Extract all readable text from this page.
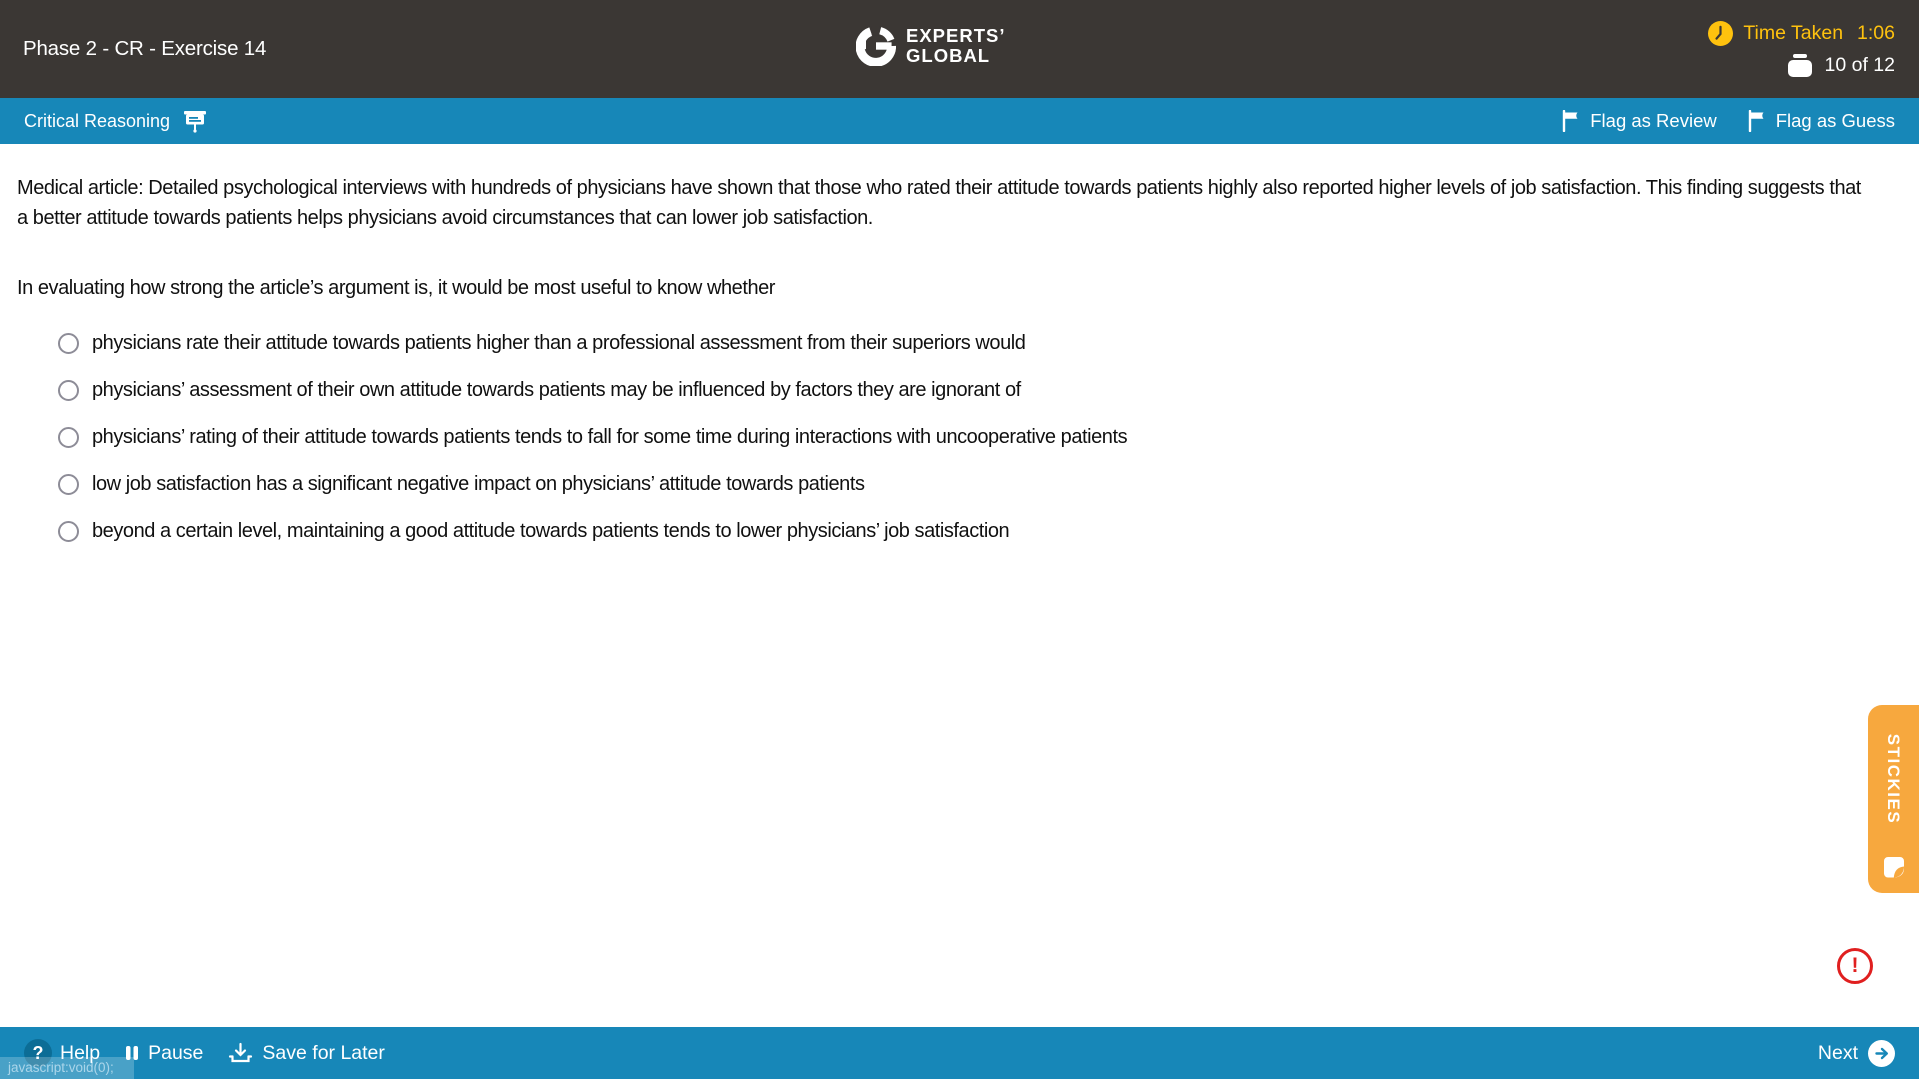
Phase 2 - CR - Exercise 14
EXPERTS’
GLOBAL
Time Taken 1:06
10 of 12
Critical Reasoning	Flag as Review	Flag as Guess
Medical article: Detailed psychological interviews with hundreds of physicians have shown that those who rated their attitude towards patients highly also reported higher levels of job satisfaction. This finding suggests that a better attitude towards patients helps physicians avoid circumstances that can lower job satisfaction.
In evaluating how strong the article’s argument is, it would be most useful to know whether
physicians rate their attitude towards patients higher than a professional assessment from their superiors would
physicians’ assessment of their own attitude towards patients may be influenced by factors they are ignorant of
physicians’ rating of their attitude towards patients tends to fall for some time during interactions with uncooperative patients
low job satisfaction has a significant negative impact on physicians’ attitude towards patients
beyond a certain level, maintaining a good attitude towards patients tends to lower physicians’ job satisfaction
STICKIES
!
? Help Pause	Save for Later	Next
javascript:void(0);
